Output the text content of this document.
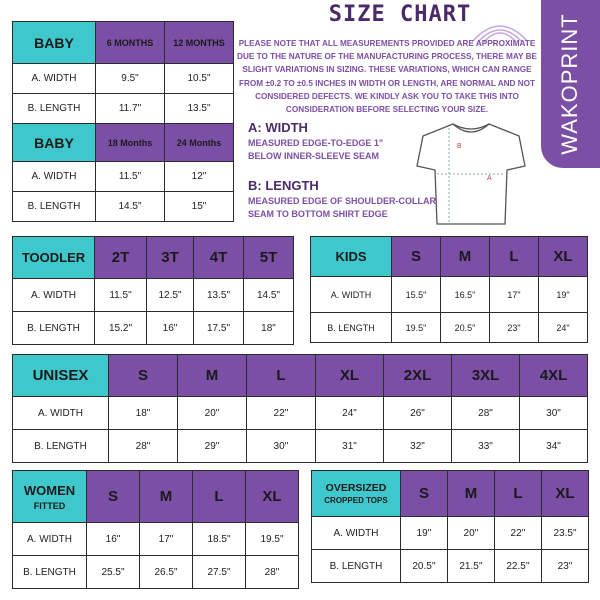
SIZE CHART
PLEASE NOTE THAT ALL MEASUREMENTS PROVIDED ARE APPROXIMATE DUE TO THE NATURE OF THE MANUFACTURING PROCESS, THERE MAY BE SLIGHT VARIATIONS IN SIZING. THESE VARIATIONS, WHICH CAN RANGE FROM ±0.2 TO ±0.5 INCHES IN WIDTH OR LENGTH, ARE NORMAL AND NOT CONSIDERED DEFECTS. WE KINDLY ASK YOU TO TAKE THIS INTO CONSIDERATION BEFORE SELECTING YOUR SIZE.	WAKOPRINT
A: WIDTH
MEASURED EDGE-TO-EDGE 1" BELOW INNER-SLEEVE SEAM
B: LENGTH
MEASURED EDGE OF SHOULDER-COLLAR SEAM TO BOTTOM SHIRT EDGE
B
A
BABY	6 MONTHS	12 MONTHS
A. WIDTH	9.5"	10.5"
B. LENGTH	11.7"	13.5"
BABY	18 Months	24 Months
A. WIDTH	11.5"	12"
B. LENGTH	14.5"	15"
TOODLER	2T	3T	4T	5T
A. WIDTH	11.5"	12.5"	13.5"	14.5"
B. LENGTH	15.2"	16"	17.5"	18"
KIDS	S	M	L	XL
A. WIDTH	15.5"	16.5"	17"	19"
B. LENGTH	19.5"	20.5"	23"	24"
UNISEX	S	M	L	XL	2XL	3XL	4XL
A. WIDTH	18"	20"	22''	24"	26"	28"	30"
B. LENGTH	28"	29"	30''	31"	32"	33"	34"
WOMEN
FITTED	S	M	L	XL
A. WIDTH	16"	17"	18.5"	19.5"
B. LENGTH	25.5"	26.5"	27.5"	28"
OVERSIZED
CROPPED TOPS	S	M	L	XL
A. WIDTH	19''	20''	22''	23.5"
B. LENGTH	20.5''	21.5''	22.5''	23"
